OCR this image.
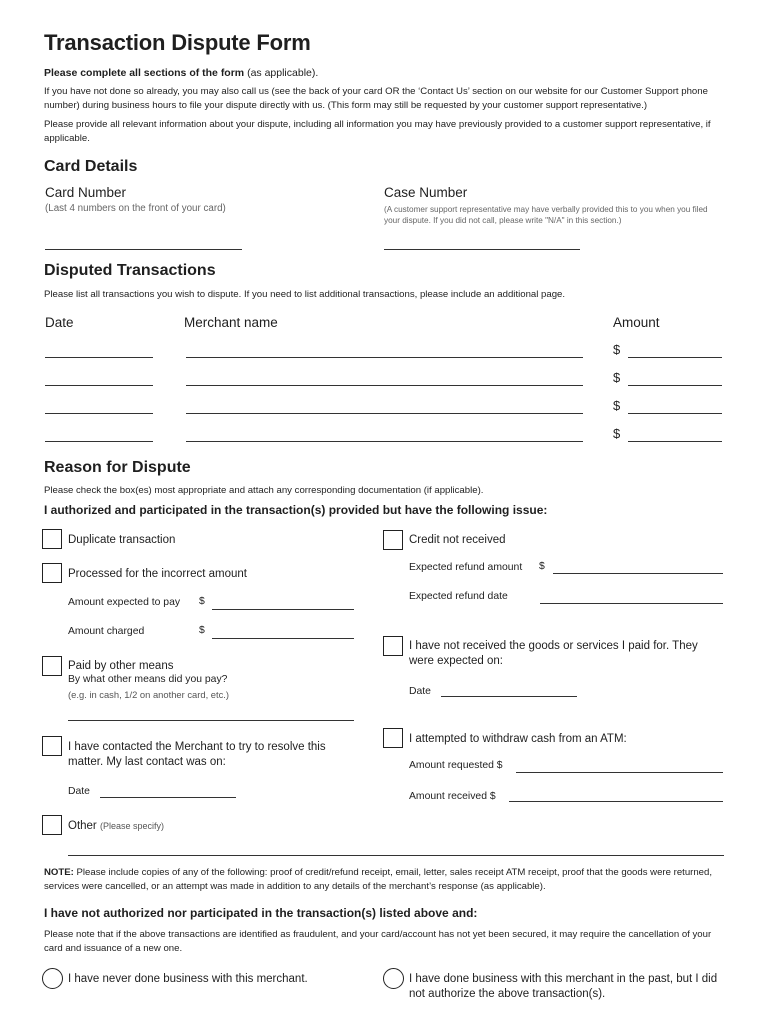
Transaction Dispute Form
Please complete all sections of the form (as applicable).
If you have not done so already, you may also call us (see the back of your card OR the ‘Contact Us’ section on our website for our Customer Support phone number) during business hours to file your dispute directly with us. (This form may still be requested by your customer support representative.)
Please provide all relevant information about your dispute, including all information you may have previously provided to a customer support representative, if applicable.
Card Details
Card Number
(Last 4 numbers on the front of your card)
Case Number
(A customer support representative may have verbally provided this to you when you filed your dispute. If you did not call, please write "N/A" in this section.)
Disputed Transactions
Please list all transactions you wish to dispute. If you need to list additional transactions, please include an additional page.
Date	Merchant name	Amount
$
$
$
$
Reason for Dispute
Please check the box(es) most appropriate and attach any corresponding documentation (if applicable).
I authorized and participated in the transaction(s) provided but have the following issue:
Duplicate transaction
Processed for the incorrect amount
Amount expected to pay $
Amount charged	$
Paid by other means
By what other means did you pay?
(e.g. in cash, 1/2 on another card, etc.)
I have contacted the Merchant to try to resolve this matter. My last contact was on:
Date
Other (Please specify)
Credit not received
Expected refund amount $
Expected refund date
I have not received the goods or services I paid for. They were expected on:
Date
I attempted to withdraw cash from an ATM:
Amount requested $
Amount received $
NOTE: Please include copies of any of the following: proof of credit/refund receipt, email, letter, sales receipt ATM receipt, proof that the goods were returned, services were cancelled, or an attempt was made in addition to any details of the merchant’s response (as applicable).
I have not authorized nor participated in the transaction(s) listed above and:
Please note that if the above transactions are identified as fraudulent, and your card/account has not yet been secured, it may require the cancellation of your card and issuance of a new one.
I have never done business with this merchant.	I have done business with this merchant in the past, but I did not authorize the above transaction(s).
